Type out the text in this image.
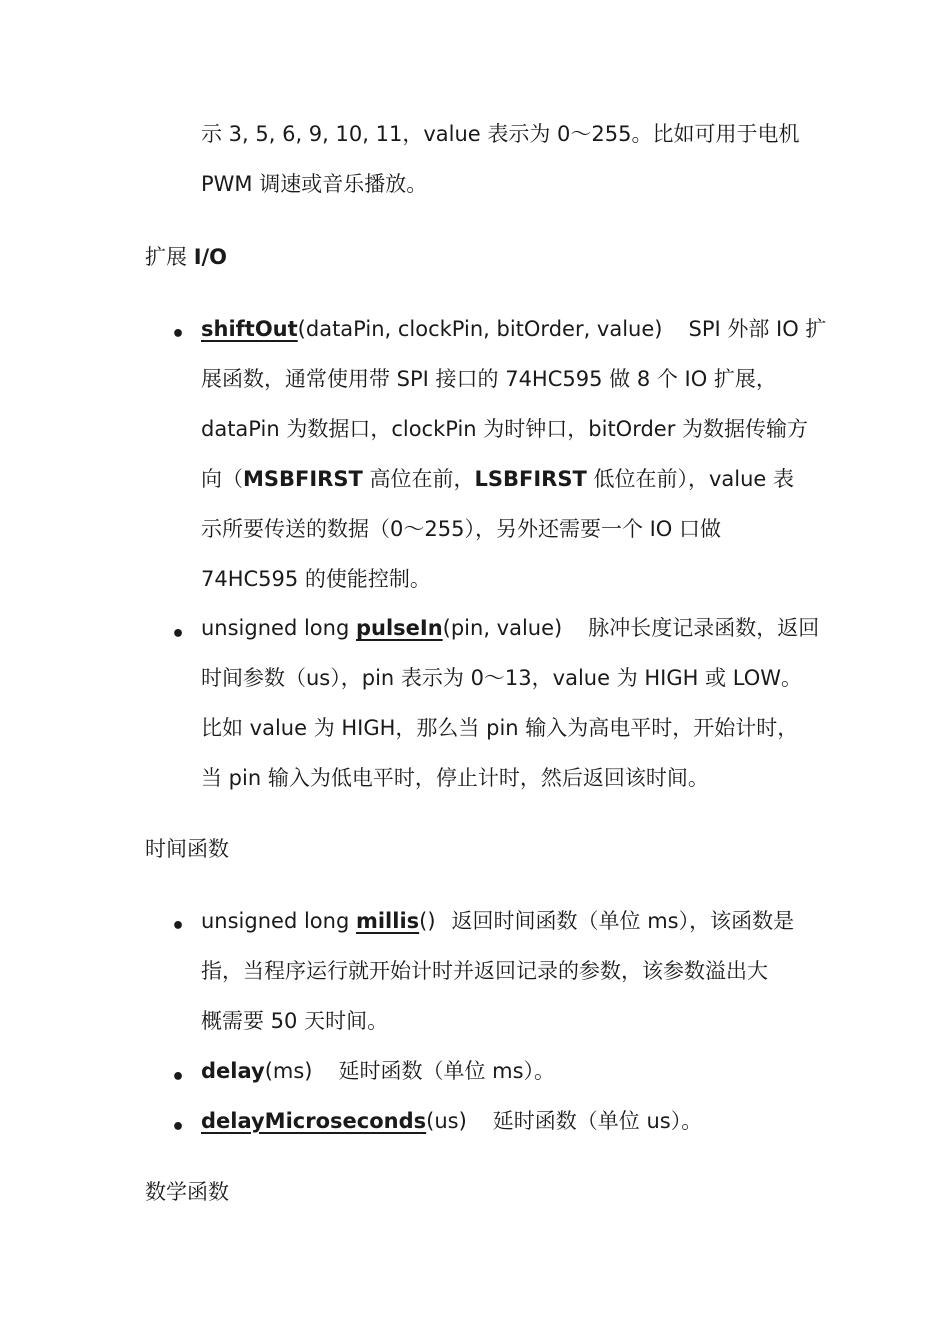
示 3, 5, 6, 9, 10, 11，value 表示为 0～255。比如可用于电机
PWM 调速或音乐播放。
扩展 I/O
• shiftOut(dataPin, clockPin, bitOrder, value) SPI 外部 IO 扩
展函数，通常使用带 SPI 接口的 74HC595 做 8 个 IO 扩展，
dataPin 为数据口，clockPin 为时钟口，bitOrder 为数据传输方
向（MSBFIRST 高位在前，LSBFIRST 低位在前），value 表
示所要传送的数据（0～255），另外还需要一个 IO 口做
74HC595 的使能控制。
• unsigned long pulseIn(pin, value) 脉冲长度记录函数，返回
时间参数（us），pin 表示为 0～13，value 为 HIGH 或 LOW。
比如 value 为 HIGH，那么当 pin 输入为高电平时，开始计时，
当 pin 输入为低电平时，停止计时，然后返回该时间。
时间函数
• unsigned long millis() 返回时间函数（单位 ms），该函数是
指，当程序运行就开始计时并返回记录的参数，该参数溢出大
概需要 50 天时间。
• delay(ms) 延时函数（单位 ms）。
• delayMicroseconds(us) 延时函数（单位 us）。
数学函数
